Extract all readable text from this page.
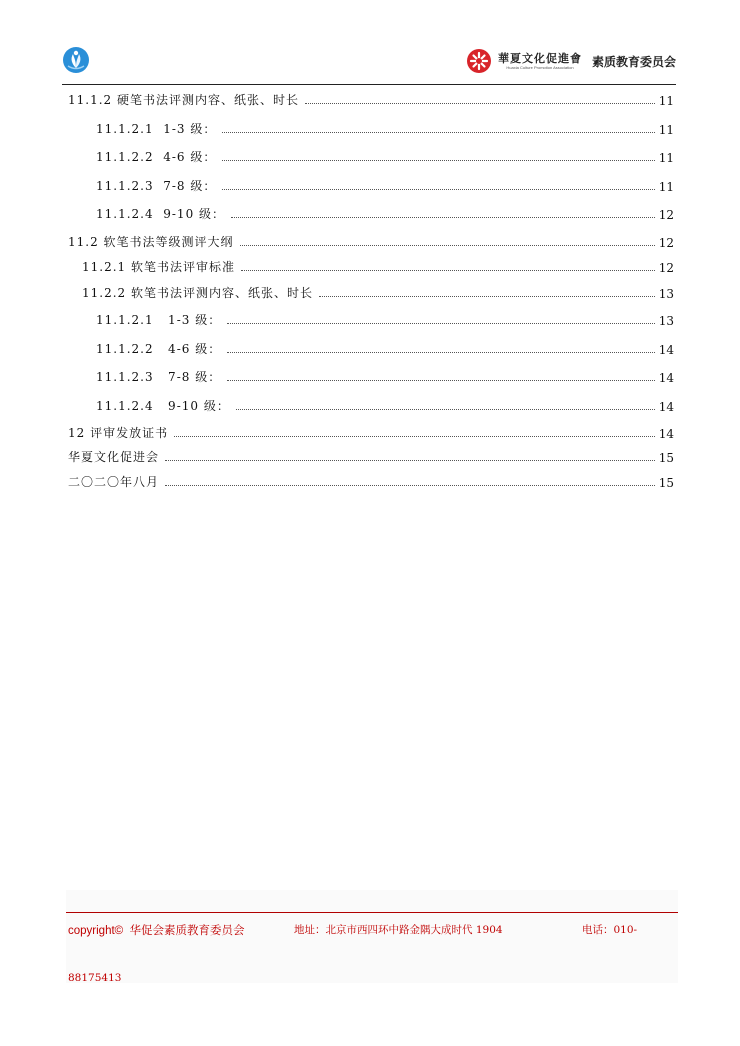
華夏文化促進會
Huaxia Culture Promotion Association 素质教育委员会
11.1.2 硬笔书法评测内容、纸张、时长	11
11.1.2.1  1-3 级：	11
11.1.2.2  4-6 级：	11
11.1.2.3  7-8 级：	11
11.1.2.4  9-10 级：	12
11.2 软笔书法等级测评大纲	12
11.2.1 软笔书法评审标准	12
11.2.2 软笔书法评测内容、纸张、时长	13
11.1.2.1   1-3 级：	13
11.1.2.2   4-6 级：	14
11.1.2.3   7-8 级：	14
11.1.2.4   9-10 级：	14
12 评审发放证书	14
华夏文化促进会	15
二〇二〇年八月	15
copyright©  华促会素质教育委员会	地址：北京市西四环中路金隅大成时代 1904	电话：010-
88175413
